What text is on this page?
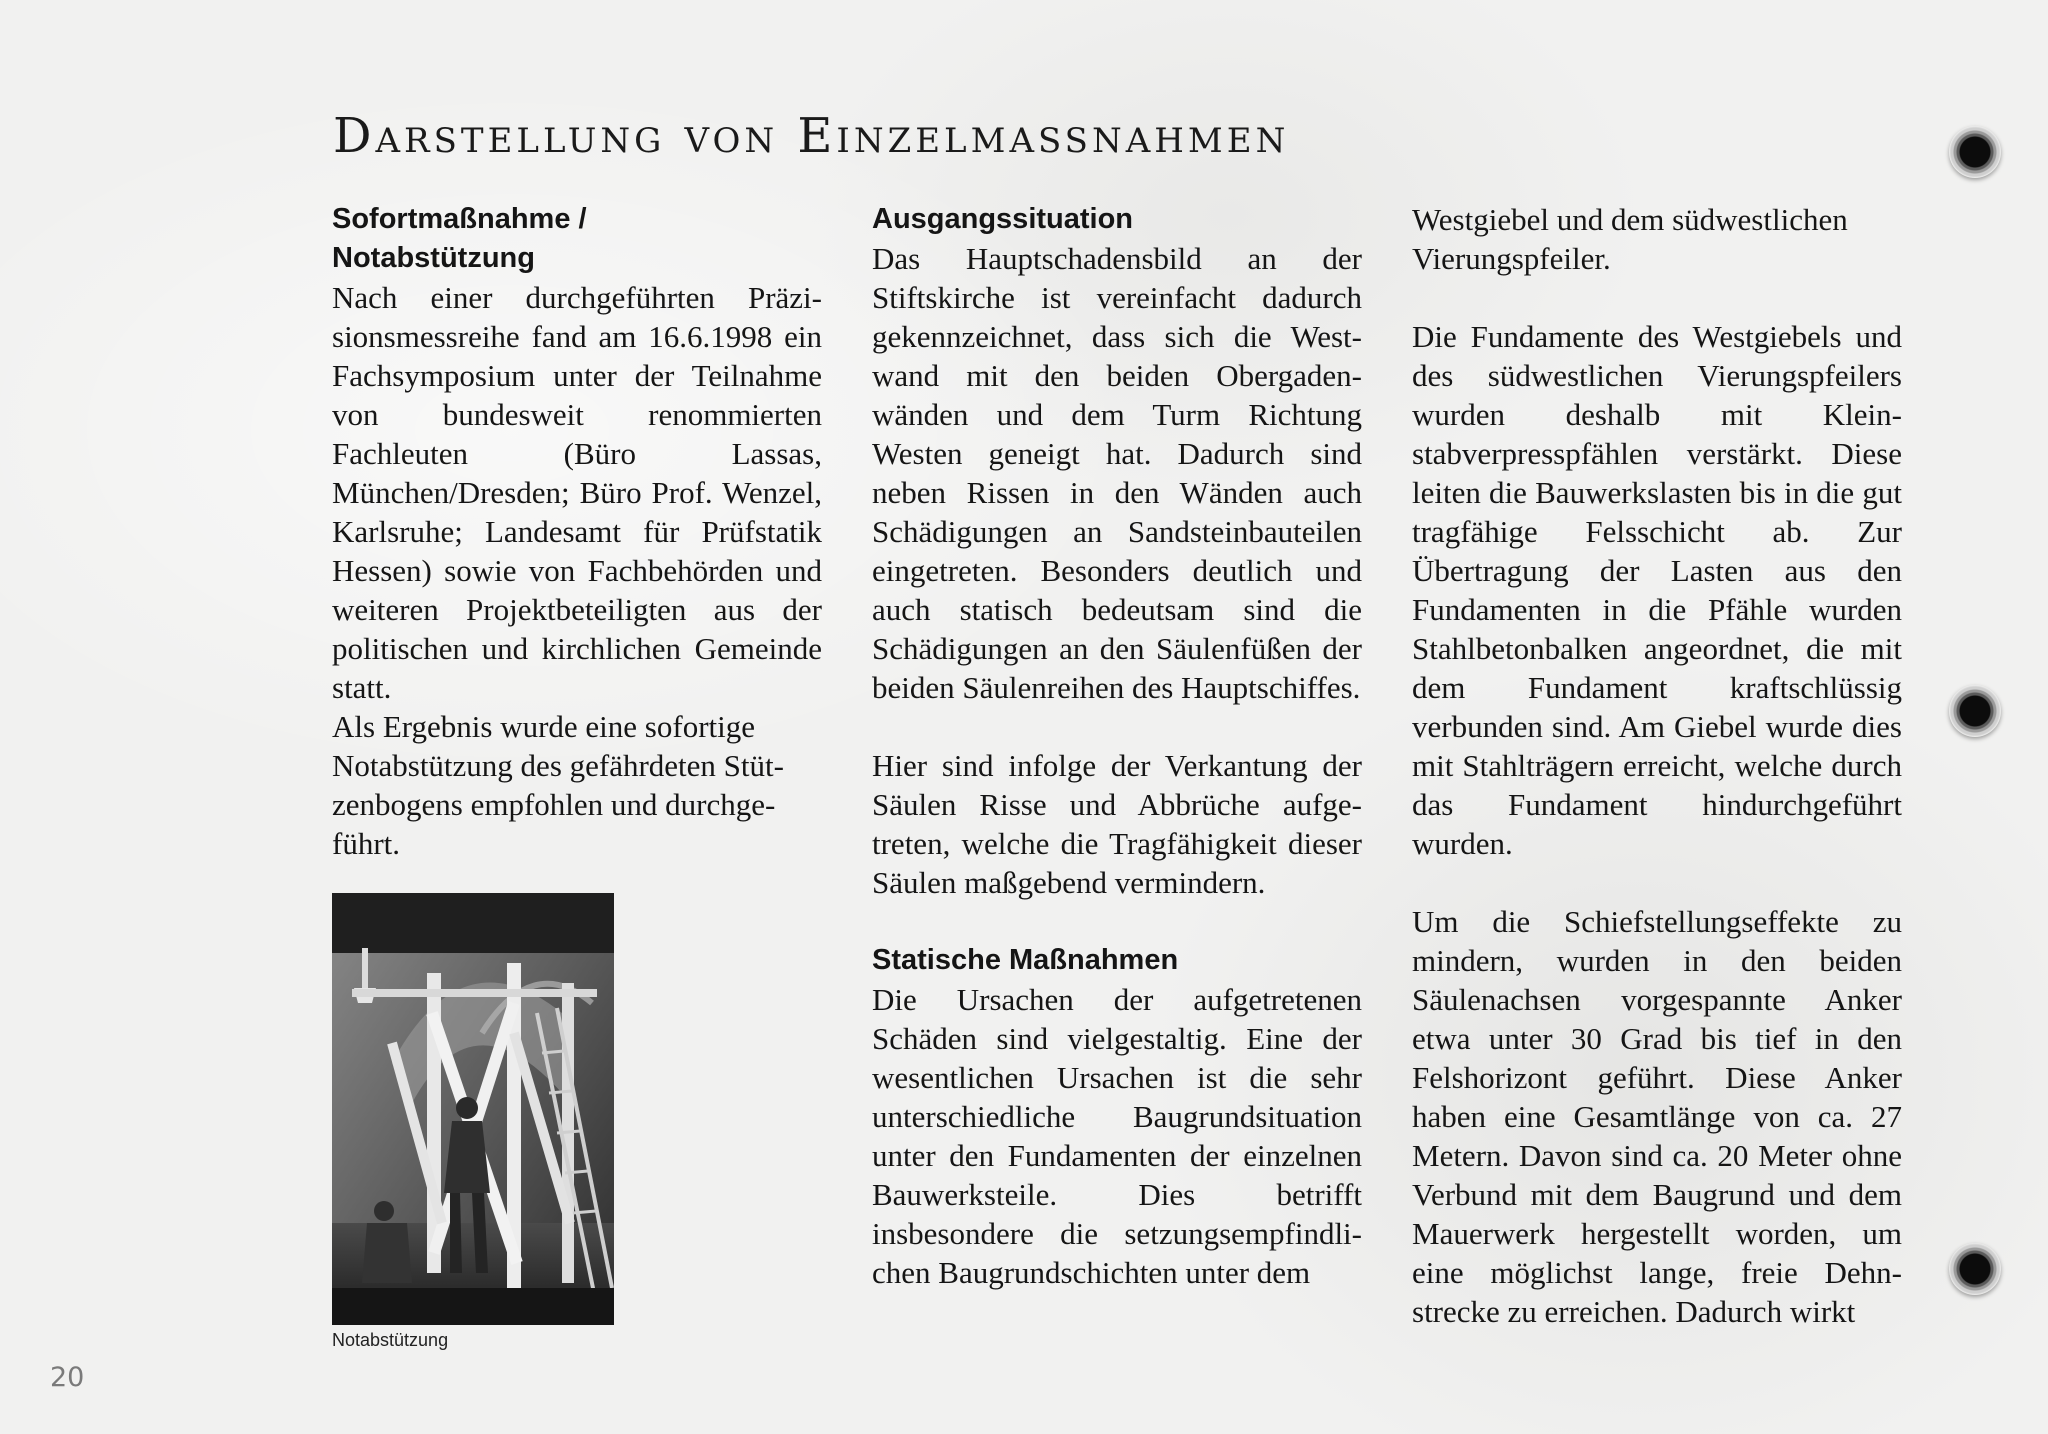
Darstellung von Einzelmassnahmen
Sofortmaßnahme /
Notabstützung

Nach einer durchgeführten Präzisionsmessreihe fand am 16.6.1998 ein Fachsymposium unter der Teilnahme von bundesweit renommierten Fachleuten (Büro Lassas, München/Dresden; Büro Prof. Wenzel, Karlsruhe; Landesamt für Prüfstatik Hessen) sowie von Fachbehörden und weiteren Projektbeteiligten aus der politischen und kirchlichen Gemeinde statt.

Als Ergebnis wurde eine sofortige Notabstützung des gefährdeten Stützenbogens empfohlen und durchgeführt.

Notabstützung
Ausgangssituation

Das Hauptschadensbild an der Stiftskirche ist vereinfacht dadurch gekennzeichnet, dass sich die Westwand mit den beiden Obergadenwänden und dem Turm Richtung Westen geneigt hat. Dadurch sind neben Rissen in den Wänden auch Schädigungen an Sandsteinbauteilen eingetreten. Besonders deutlich und auch statisch bedeutsam sind die Schädigungen an den Säulenfüßen der beiden Säulenreihen des Hauptschiffes.

Hier sind infolge der Verkantung der Säulen Risse und Abbrüche aufgetreten, welche die Tragfähigkeit dieser Säulen maßgebend vermindern.

Statische Maßnahmen

Die Ursachen der aufgetretenen Schäden sind vielgestaltig. Eine der wesentlichen Ursachen ist die sehr unterschiedliche Baugrundsituation unter den Fundamenten der einzelnen Bauwerksteile. Dies betrifft insbesondere die setzungsempfindlichen Baugrundschichten unter dem

Westgiebel und dem südwestlichen Vierungspfeiler.

Die Fundamente des Westgiebels und des südwestlichen Vierungspfeilers wurden deshalb mit Kleinstabverpresspfählen verstärkt. Diese leiten die Bauwerkslasten bis in die gut tragfähige Felsschicht ab. Zur Übertragung der Lasten aus den Fundamenten in die Pfähle wurden Stahlbetonbalken angeordnet, die mit dem Fundament kraftschlüssig verbunden sind. Am Giebel wurde dies mit Stahlträgern erreicht, welche durch das Fundament hindurchgeführt wurden.

Um die Schiefstellungseffekte zu mindern, wurden in den beiden Säulenachsen vorgespannte Anker etwa unter 30 Grad bis tief in den Felshorizont geführt. Diese Anker haben eine Gesamtlänge von ca. 27 Metern. Davon sind ca. 20 Meter ohne Verbund mit dem Baugrund und dem Mauerwerk hergestellt worden, um eine möglichst lange, freie Dehnstrecke zu erreichen. Dadurch wirkt

20
